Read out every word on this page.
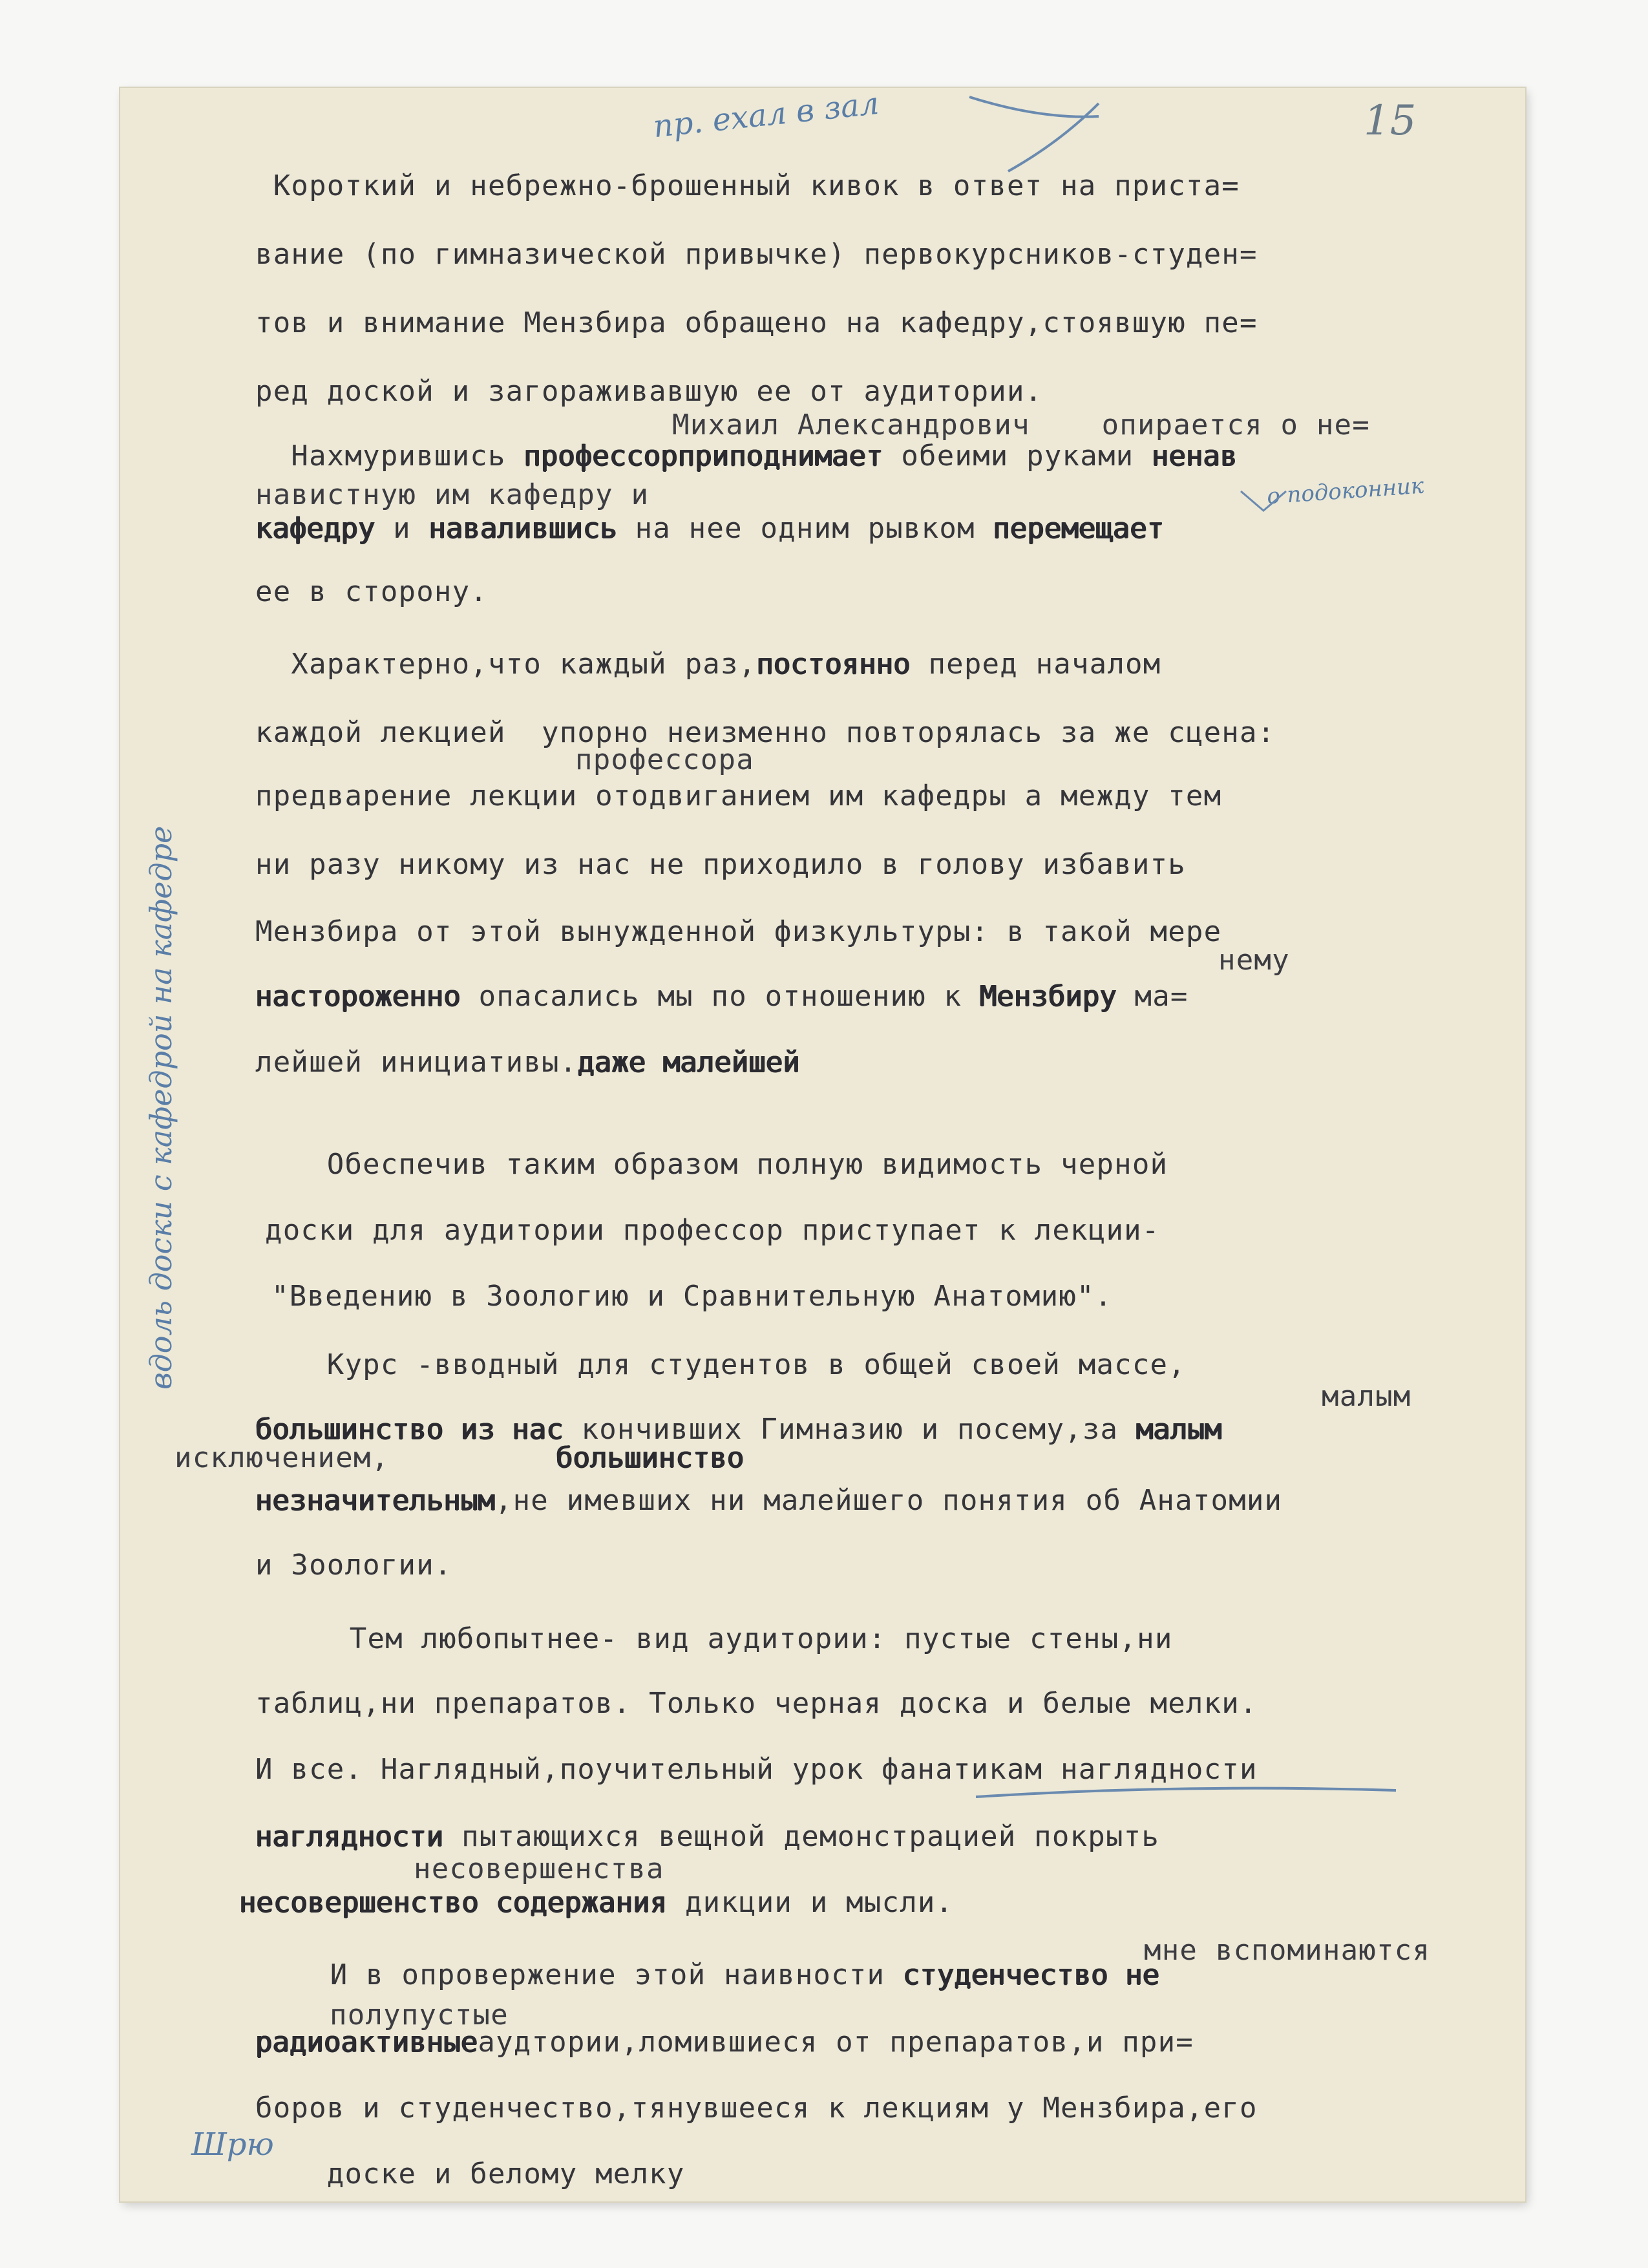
пр. ехал в зал	15
вдоль доски с кафедрой на кафедре
Шрю
о подоконник
Короткий и небрежно-брошенный кивок в ответ на приста=
вание (по гимназической привычке) первокурсников-студен=
тов и внимание Мензбира обращено на кафедру,стоявшую пе=
ред доской и загораживавшую ее от аудитории.
Михаил Александрович    опирается о не=
Нахмурившись профессорприподнимает обеими руками ненав
навистную им кафедру и
кафедру и навалившись на нее одним рывком перемещает
ее в сторону.
Характерно,что каждый раз,постоянно перед началом
каждой лекцией  упорно неизменно повторялась за же сцена:
профессора
предварение лекции отодвиганием им кафедры а между тем
ни разу никому из нас не приходило в голову избавить
Мензбира от этой вынужденной физкультуры: в такой мере
нему
настороженно опасались мы по отношению к Мензбиру ма=
лейшей инициативы.даже малейшей
Обеспечив таким образом полную видимость черной
доски для аудитории профессор приступает к лекции-
"Введению в Зоологию и Сравнительную Анатомию".
Курс -вводный для студентов в общей своей массе,
малым
большинство из нас кончивших Гимназию и посему,за малым
исключением,	большинство
незначительным,не имевших ни малейшего понятия об Анатомии
и Зоологии.
Тем любопытнее- вид аудитории: пустые стены,ни
таблиц,ни препаратов. Только черная доска и белые мелки.
И все. Наглядный,поучительный урок фанатикам наглядности
наглядности пытающихся вещной демонстрацией покрыть
несовершенства
несовершенство содержания дикции и мысли.
мне вспоминаются
И в опровержение этой наивности студенчество не
полупустые
радиоактивныеаудтории,ломившиеся от препаратов,и при=
боров и студенчество,тянувшееся к лекциям у Мензбира,его
доске и белому мелку
